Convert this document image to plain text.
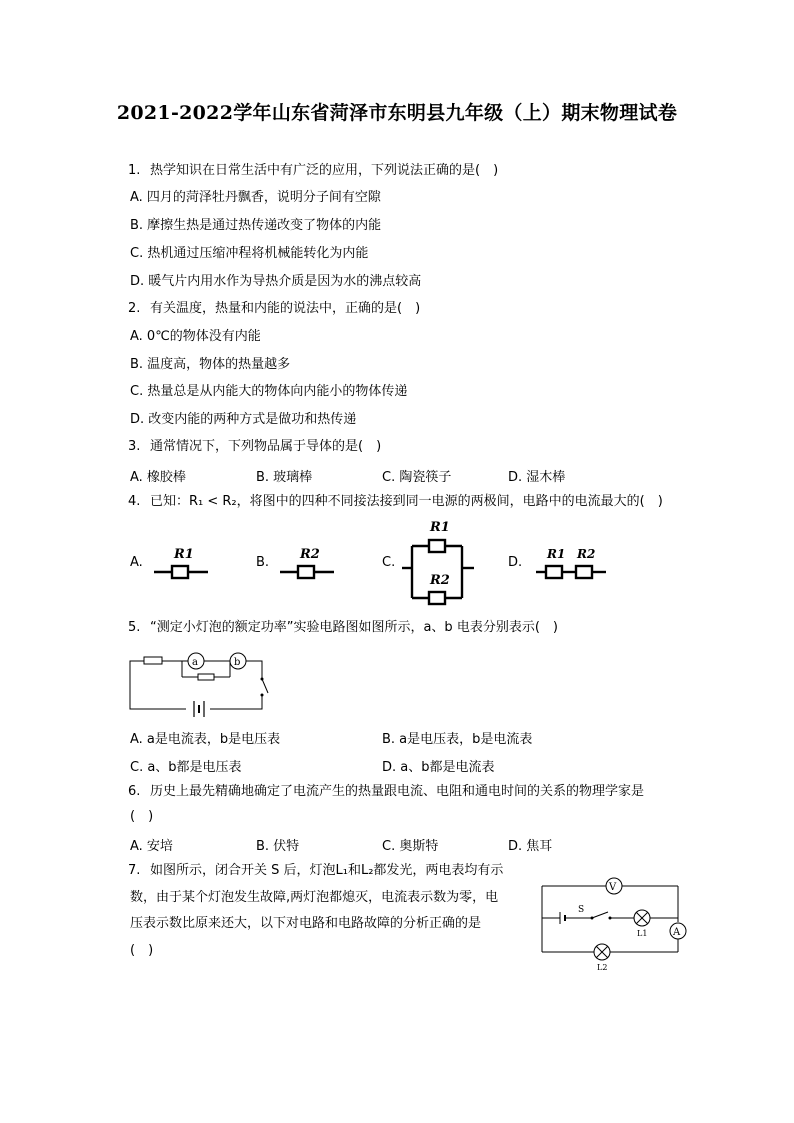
2021-2022学年山东省菏泽市东明县九年级（上）期末物理试卷
1. 热学知识在日常生活中有广泛的应用，下列说法正确的是(　)
A. 四月的菏泽牡丹飘香，说明分子间有空隙
B. 摩擦生热是通过热传递改变了物体的内能
C. 热机通过压缩冲程将机械能转化为内能
D. 暖气片内用水作为导热介质是因为水的沸点较高
2. 有关温度，热量和内能的说法中，正确的是(　)
A. 0℃的物体没有内能
B. 温度高，物体的热量越多
C. 热量总是从内能大的物体向内能小的物体传递
D. 改变内能的两种方式是做功和热传递
3. 通常情况下，下列物品属于导体的是(　)
A. 橡胶棒	B. 玻璃棒	C. 陶瓷筷子	D. 湿木棒
4. 已知：R₁ < R₂，将图中的四种不同接法接到同一电源的两极间，电路中的电流最大的(　)
A.	B.	C.	D.
R1	R2
R1
R2
R1 R2
5. “测定小灯泡的额定功率”实验电路图如图所示，a、b 电表分别表示(　)
a	b
A. a是电流表，b是电压表	B. a是电压表，b是电流表
C. a、b都是电压表	D. a、b都是电流表
6. 历史上最先精确地确定了电流产生的热量跟电流、电阻和通电时间的关系的物理学家是
(　)
A. 安培	B. 伏特	C. 奥斯特	D. 焦耳
7. 如图所示，闭合开关 S 后，灯泡L₁和L₂都发光，两电表均有示
数，由于某个灯泡发生故障,两灯泡都熄灭，电流表示数为零，电
压表示数比原来还大，以下对电路和电路故障的分析正确的是
(　)
V
S
L1	A
L2
